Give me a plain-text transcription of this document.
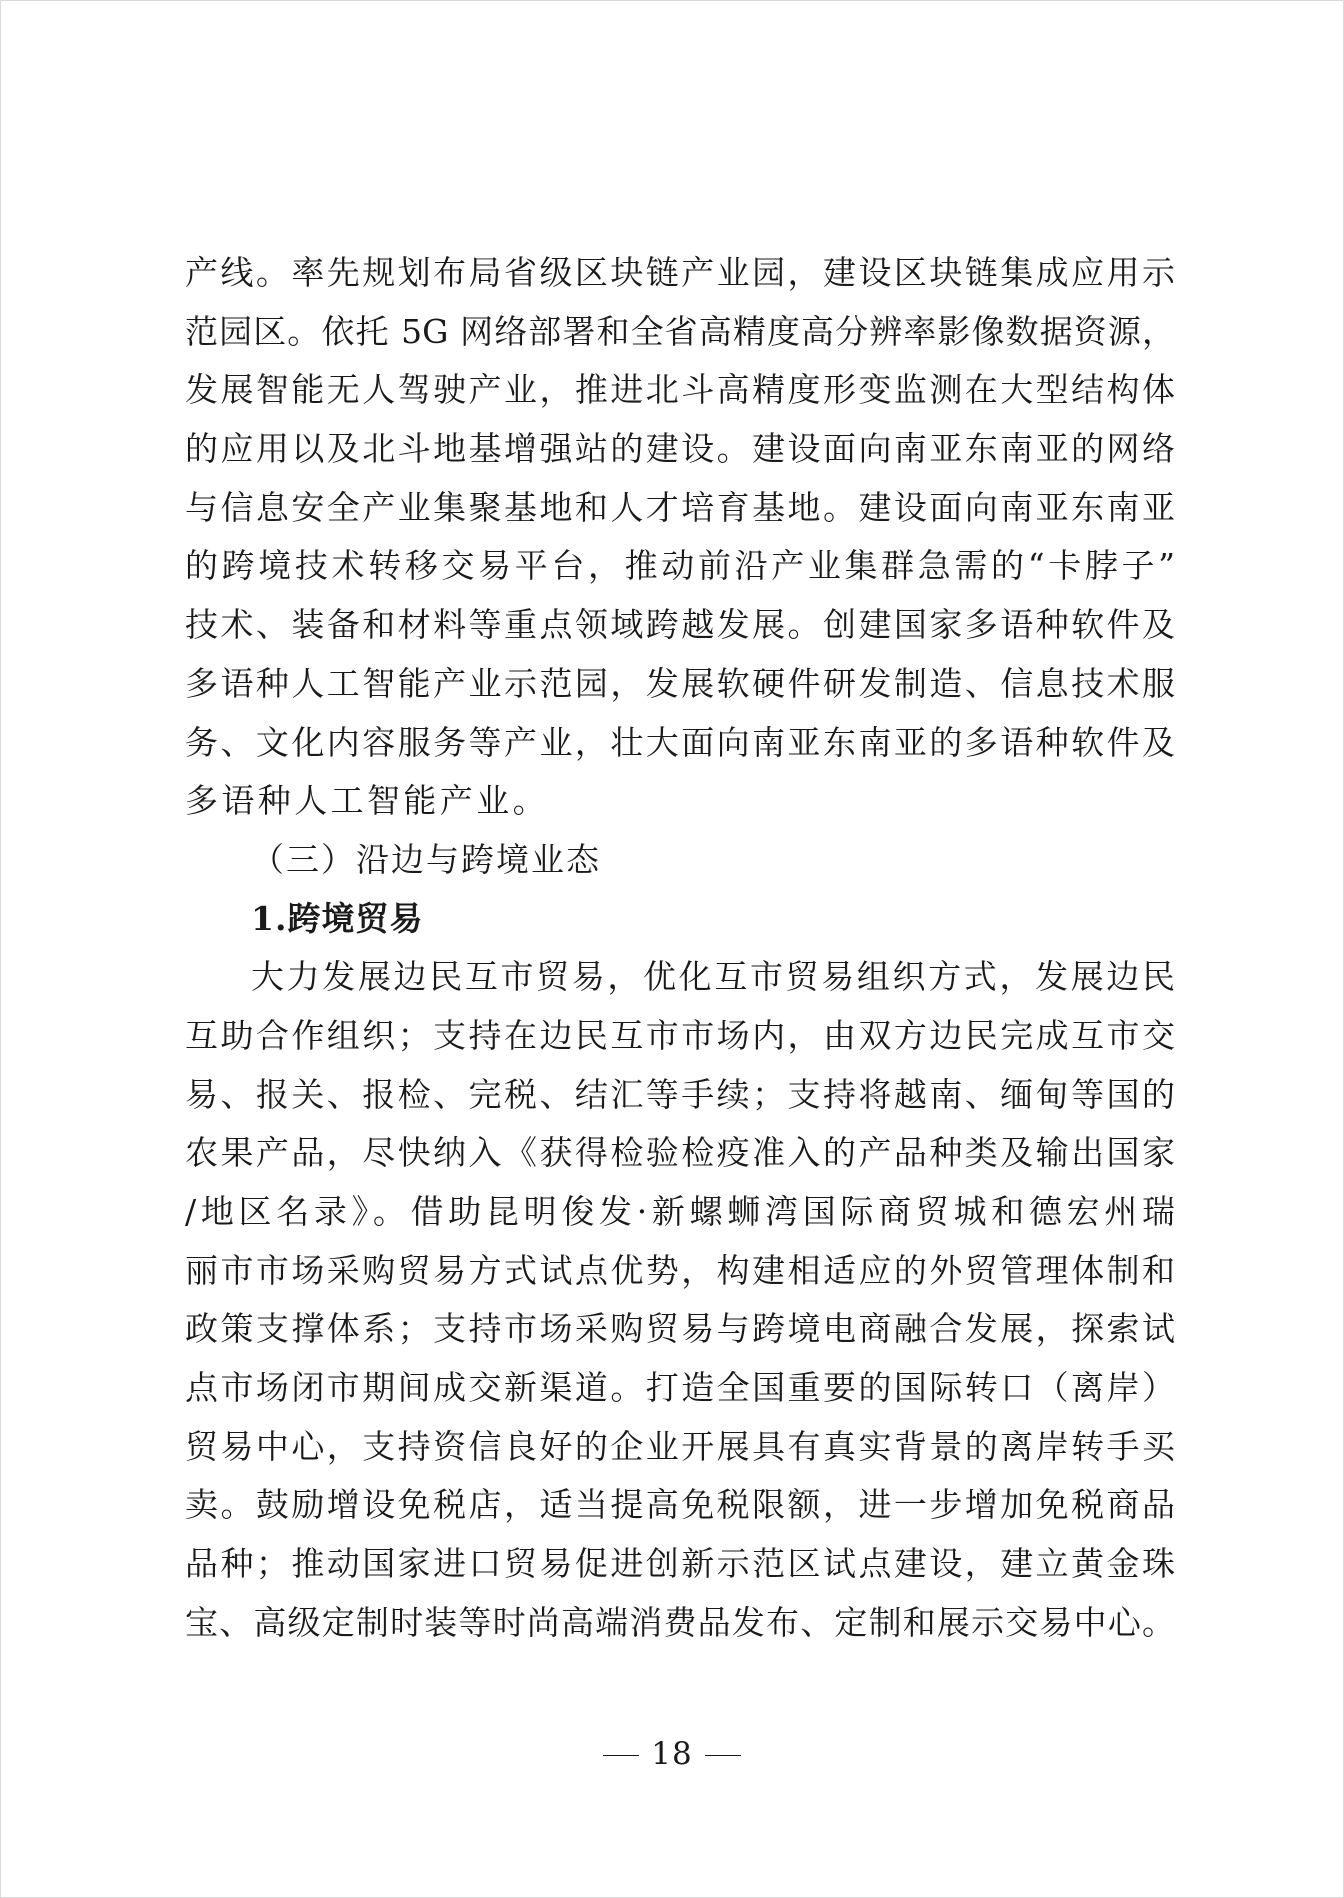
产线。率先规划布局省级区块链产业园，建设区块链集成应用示
范园区。依托 5G 网络部署和全省高精度高分辨率影像数据资源，
发展智能无人驾驶产业，推进北斗高精度形变监测在大型结构体
的应用以及北斗地基增强站的建设。建设面向南亚东南亚的网络
与信息安全产业集聚基地和人才培育基地。建设面向南亚东南亚
的跨境技术转移交易平台，推动前沿产业集群急需的“卡脖子”
技术、装备和材料等重点领域跨越发展。创建国家多语种软件及
多语种人工智能产业示范园，发展软硬件研发制造、信息技术服
务、文化内容服务等产业，壮大面向南亚东南亚的多语种软件及
多语种人工智能产业。
（三）沿边与跨境业态
1.跨境贸易
大力发展边民互市贸易，优化互市贸易组织方式，发展边民
互助合作组织；支持在边民互市市场内，由双方边民完成互市交
易、报关、报检、完税、结汇等手续；支持将越南、缅甸等国的
农果产品，尽快纳入《获得检验检疫准入的产品种类及输出国家
/地区名录》。借助昆明俊发·新螺蛳湾国际商贸城和德宏州瑞
丽市市场采购贸易方式试点优势，构建相适应的外贸管理体制和
政策支撑体系；支持市场采购贸易与跨境电商融合发展，探索试
点市场闭市期间成交新渠道。打造全国重要的国际转口（离岸）
贸易中心，支持资信良好的企业开展具有真实背景的离岸转手买
卖。鼓励增设免税店，适当提高免税限额，进一步增加免税商品
品种；推动国家进口贸易促进创新示范区试点建设，建立黄金珠
宝、高级定制时装等时尚高端消费品发布、定制和展示交易中心。
18
